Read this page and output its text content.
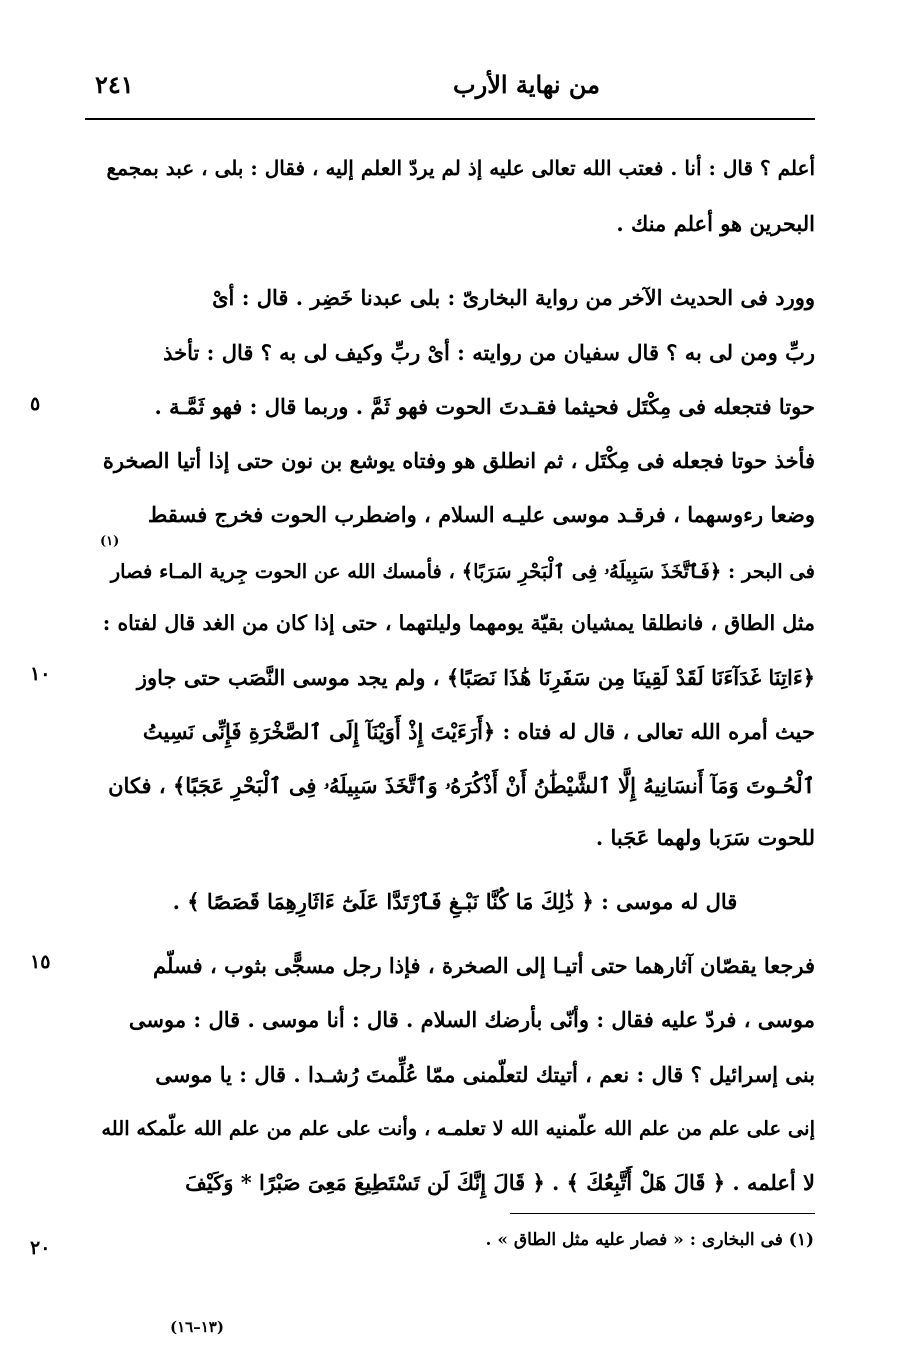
من نهاية الأرب
٢٤١
أعلم ؟ قال : أنا . فعتب الله تعالى عليه إذ لم يردّ العلم إليه ، فقال : بلى ، عبد بمجمع
البحرين هو أعلم منك .
وورد فى الحديث الآخر من رواية البخارىّ : بلى عبدنا خَضِر . قال : أىْ
ربِّ ومن لى به ؟ قال سفيان من روايته : أىْ ربِّ وكيف لى به ؟ قال : تأخذ
حوتا فتجعله فى مِكْتَل فحيثما فقـدتَ الحوت فهو ثَمَّ . وربما قال : فهو ثَمَّـة .
فأخذ حوتا فجعله فى مِكْتَل ، ثم انطلق هو وفتاه يوشع بن نون حتى إذا أتيا الصخرة
وضعا رءوسهما ، فرقـد موسى عليـه السلام ، واضطرب الحوت فخرج فسقط
فى البحر : ﴿فَٱتَّخَذَ سَبِيلَهُۥ فِى ٱلْبَحْرِ سَرَبًا﴾ ، فأمسك الله عن الحوت جِرية المـاء فصار
مثل الطاق ، فانطلقا يمشيان بقيّة يومهما وليلتهما ، حتى إذا كان من الغد قال لفتاه :
﴿ءَاتِنَا غَدَآءَنَا لَقَدْ لَقِينَا مِن سَفَرِنَا هَٰذَا نَصَبًا﴾ ، ولم يجد موسى النَّصَب حتى جاوز
حيث أمره الله تعالى ، قال له فتاه : ﴿أَرَءَيْتَ إِذْ أَوَيْنَآ إِلَى ٱلصَّخْرَةِ فَإِنِّى نَسِيتُ
ٱلْحُـوتَ وَمَآ أَنسَانِيهُ إِلَّا ٱلشَّيْطَٰنُ أَنْ أَذْكُرَهُۥ وَٱتَّخَذَ سَبِيلَهُۥ فِى ٱلْبَحْرِ عَجَبًا﴾ ، فكان
للحوت سَرَبا ولهما عَجَبا .
قال له موسى : ﴿ ذَٰلِكَ مَا كُنَّا نَبْـغِ فَٱرْتَدَّا عَلَىٰٓ ءَاثَارِهِمَا قَصَصًا ﴾ .
فرجعا يقصّان آثارهما حتى أتيـا إلى الصخرة ، فإذا رجل مسجًّى بثوب ، فسلّم
موسى ، فردّ عليه فقال : وأنّى بأرضك السلام . قال : أنا موسى . قال : موسى
بنى إسرائيل ؟ قال : نعم ، أتيتك لتعلّمنى ممّا عُلِّمتَ رُشـدا . قال : يا موسى
إنى على علم من علم الله علّمنيه الله لا تعلمـه ، وأنت على علم من علم الله علّمكه الله
لا أعلمه . ﴿ قَالَ هَلْ أَتَّبِعُكَ ﴾ . ﴿ قَالَ إِنَّكَ لَن تَسْتَطِيعَ مَعِىَ صَبْرًا * وَكَيْفَ
(١)
٥
١٠
١٥
٢٠	(١) فى البخارى : « فصار عليه مثل الطاق » .
(١٣–١٦)
